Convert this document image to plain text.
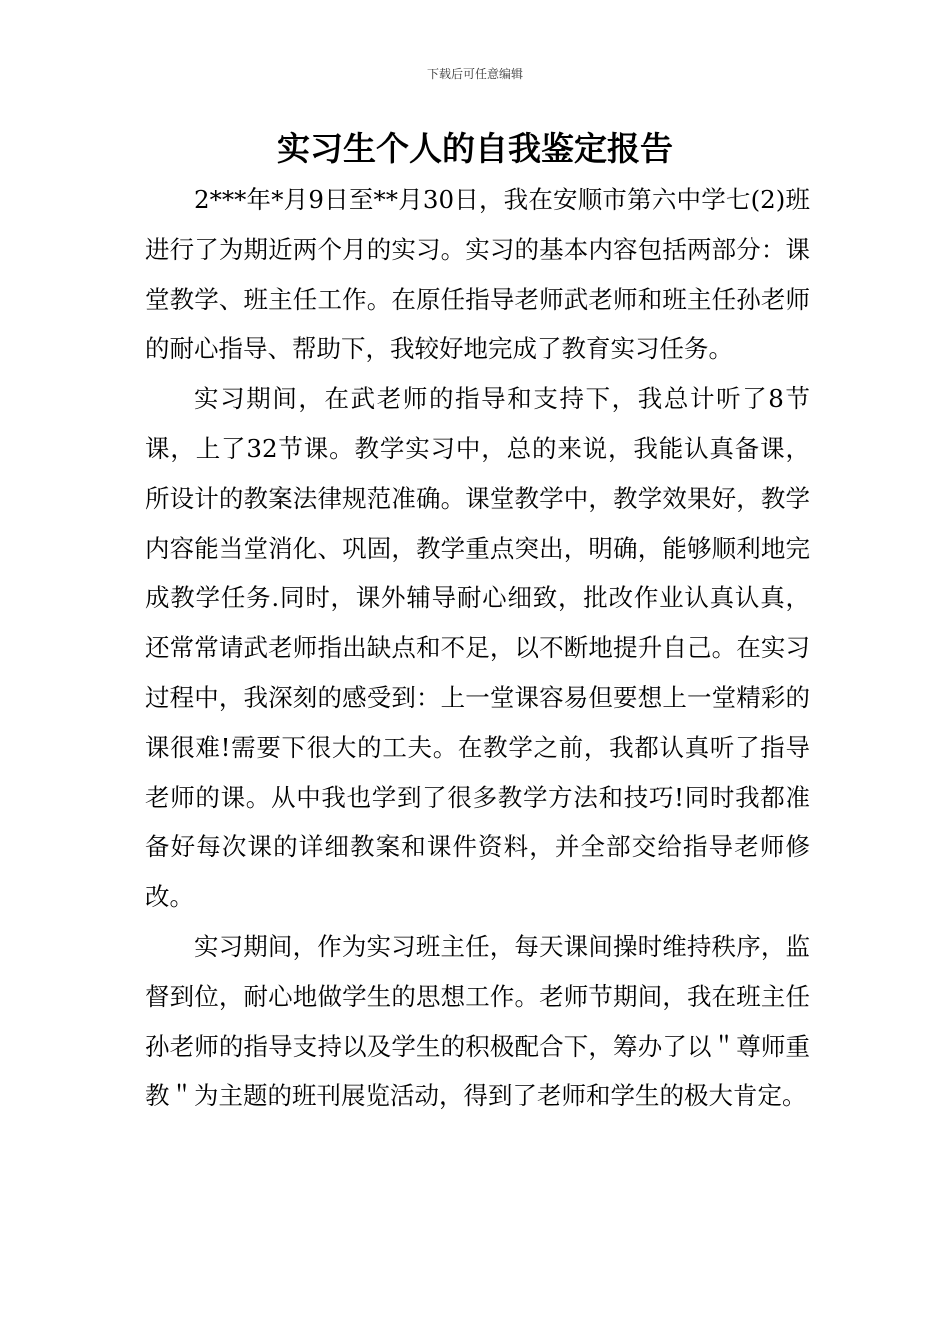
下载后可任意编辑
实习生个人的自我鉴定报告

2***年*月9日至**月30日，我在安顺市第六中学七(2)班进行了为期近两个月的实习。实习的基本内容包括两部分：课堂教学、班主任工作。在原任指导老师武老师和班主任孙老师的耐心指导、帮助下，我较好地完成了教育实习任务。

实习期间，在武老师的指导和支持下，我总计听了8节课，上了32节课。教学实习中，总的来说，我能认真备课，所设计的教案法律规范准确。课堂教学中，教学效果好，教学内容能当堂消化、巩固，教学重点突出，明确，能够顺利地完成教学任务.同时，课外辅导耐心细致，批改作业认真认真，还常常请武老师指出缺点和不足，以不断地提升自己。在实习过程中，我深刻的感受到：上一堂课容易但要想上一堂精彩的课很难!需要下很大的工夫。在教学之前，我都认真听了指导老师的课。从中我也学到了很多教学方法和技巧!同时我都准备好每次课的详细教案和课件资料，并全部交给指导老师修改。

实习期间，作为实习班主任，每天课间操时维持秩序，监督到位，耐心地做学生的思想工作。老师节期间，我在班主任孙老师的指导支持以及学生的积极配合下，筹办了以＂尊师重教＂为主题的班刊展览活动，得到了老师和学生的极大肯定。
